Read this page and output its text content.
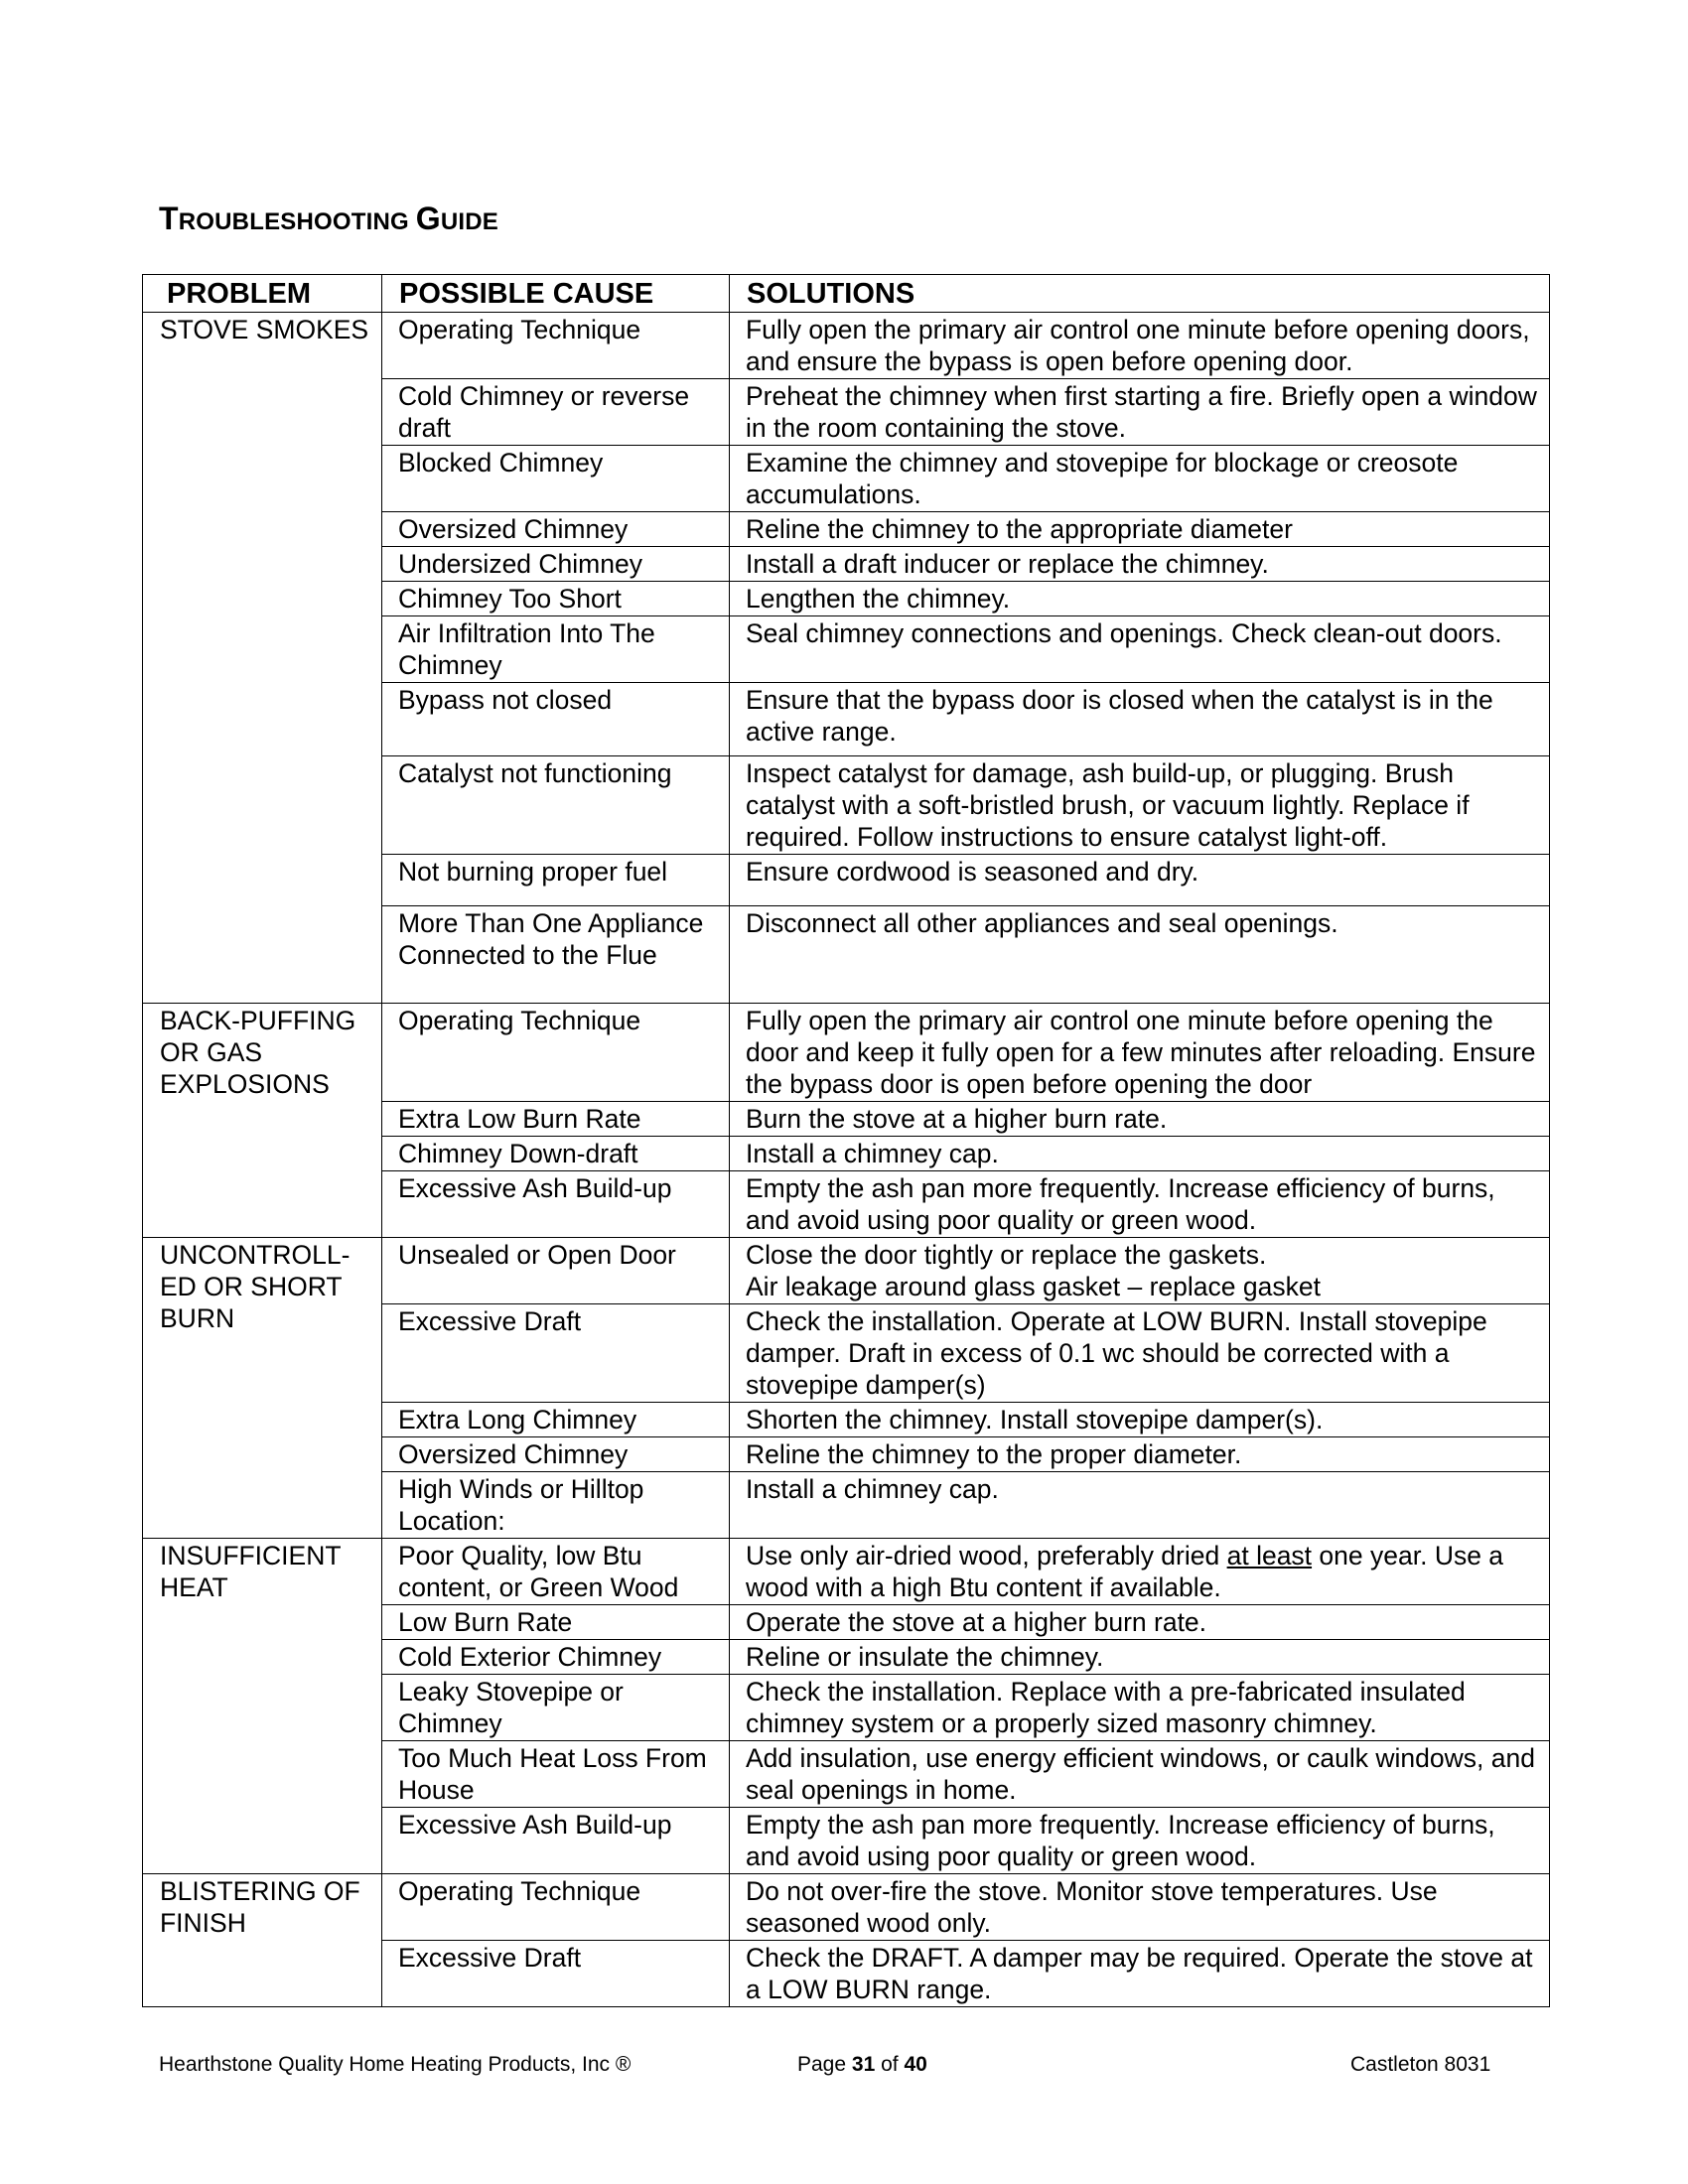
TROUBLESHOOTING GUIDE
PROBLEM	POSSIBLE CAUSE	SOLUTIONS
STOVE SMOKES	Operating Technique	Fully open the primary air control one minute before opening doors, and ensure the bypass is open before opening door.
	Cold Chimney or reverse draft	Preheat the chimney when first starting a fire. Briefly open a window in the room containing the stove.
	Blocked Chimney	Examine the chimney and stovepipe for blockage or creosote accumulations.
	Oversized Chimney	Reline the chimney to the appropriate diameter
	Undersized Chimney	Install a draft inducer or replace the chimney.
	Chimney Too Short	Lengthen the chimney.
	Air Infiltration Into The Chimney	Seal chimney connections and openings. Check clean-out doors.
	Bypass not closed	Ensure that the bypass door is closed when the catalyst is in the active range.
	Catalyst not functioning	Inspect catalyst for damage, ash build-up, or plugging. Brush catalyst with a soft-bristled brush, or vacuum lightly. Replace if required. Follow instructions to ensure catalyst light-off.
	Not burning proper fuel	Ensure cordwood is seasoned and dry.
	More Than One Appliance Connected to the Flue	Disconnect all other appliances and seal openings.
BACK-PUFFING OR GAS EXPLOSIONS	Operating Technique	Fully open the primary air control one minute before opening the door and keep it fully open for a few minutes after reloading. Ensure the bypass door is open before opening the door
	Extra Low Burn Rate	Burn the stove at a higher burn rate.
	Chimney Down-draft	Install a chimney cap.
	Excessive Ash Build-up	Empty the ash pan more frequently. Increase efficiency of burns, and avoid using poor quality or green wood.
UNCONTROLL-ED OR SHORT BURN	Unsealed or Open Door	Close the door tightly or replace the gaskets.
Air leakage around glass gasket – replace gasket
	Excessive Draft	Check the installation. Operate at LOW BURN. Install stovepipe damper. Draft in excess of 0.1 wc should be corrected with a stovepipe damper(s)
	Extra Long Chimney	Shorten the chimney. Install stovepipe damper(s).
	Oversized Chimney	Reline the chimney to the proper diameter.
	High Winds or Hilltop Location:	Install a chimney cap.
INSUFFICIENT HEAT	Poor Quality, low Btu content, or Green Wood	Use only air-dried wood, preferably dried at least one year. Use a wood with a high Btu content if available.
	Low Burn Rate	Operate the stove at a higher burn rate.
	Cold Exterior Chimney	Reline or insulate the chimney.
	Leaky Stovepipe or Chimney	Check the installation. Replace with a pre-fabricated insulated chimney system or a properly sized masonry chimney.
	Too Much Heat Loss From House	Add insulation, use energy efficient windows, or caulk windows, and seal openings in home.
	Excessive Ash Build-up	Empty the ash pan more frequently. Increase efficiency of burns, and avoid using poor quality or green wood.
BLISTERING OF FINISH	Operating Technique	Do not over-fire the stove. Monitor stove temperatures. Use seasoned wood only.
	Excessive Draft	Check the DRAFT. A damper may be required. Operate the stove at a LOW BURN range.
Hearthstone Quality Home Heating Products, Inc ®	Page 31 of 40	Castleton 8031
